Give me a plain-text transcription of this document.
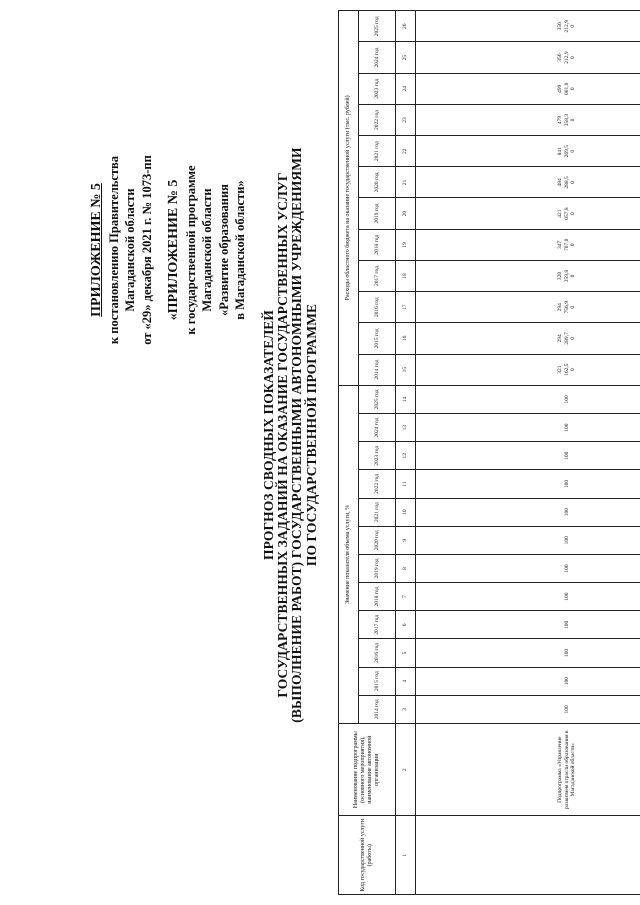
ПРИЛОЖЕНИЕ № 5 к постановлению Правительства Магаданской области от «29» декабря 2021 г. № 1073-пп «ПРИЛОЖЕНИЕ № 5 к государственной программе Магаданской области «Развитие образования в Магаданской области»
ПРОГНОЗ СВОДНЫХ ПОКАЗАТЕЛЕЙ ГОСУДАРСТВЕННЫХ ЗАДАНИЙ НА ОКАЗАНИЕ ГОСУДАРСТВЕННЫХ УСЛУГ (ВЫПОЛНЕНИЕ РАБОТ) ГОСУДАРСТВЕННЫМИ АВТОНОМНЫМИ УЧРЕЖДЕНИЯМИ ПО ГОСУДАРСТВЕННОЙ ПРОГРАММЕ
Код государственной услуги (работы)	Наименование подпрограммы (основного мероприятия), наименование автономной организации	Значение показателя объема услуги, %												Расходы областного бюджета на оказание государственной услуги (тыс. рублей)											
		2014 год	2015 год	2016 год	2017 год	2018 год	2019 год	2020 год	2021 год	2022 год	2023 год	2024 год	2025 год	2014 год	2015 год	2016 год	2017 год	2018 год	2019 год	2020 год	2021 год	2022 год	2023 год	2024 год	2025 год
1	2	3	4	5	6	7	8	9	10	11	12	13	14	15	16	17	18	19	20	21	22	23	24	25	26
	Подпрограмма «Управление развитием отрасли образования в Магаданской области»	100	100	100	100	100	100	100	100	100	100	100	100	321 162,5 0	294 289,7 0	294 756,9 0	320 359,8 0	347 707,0 0	421 057,8 0	484 288,5 0	841 269,5 0	479 358,3 0	499 001,0 0	356 212,9 0	356 212,9 0
